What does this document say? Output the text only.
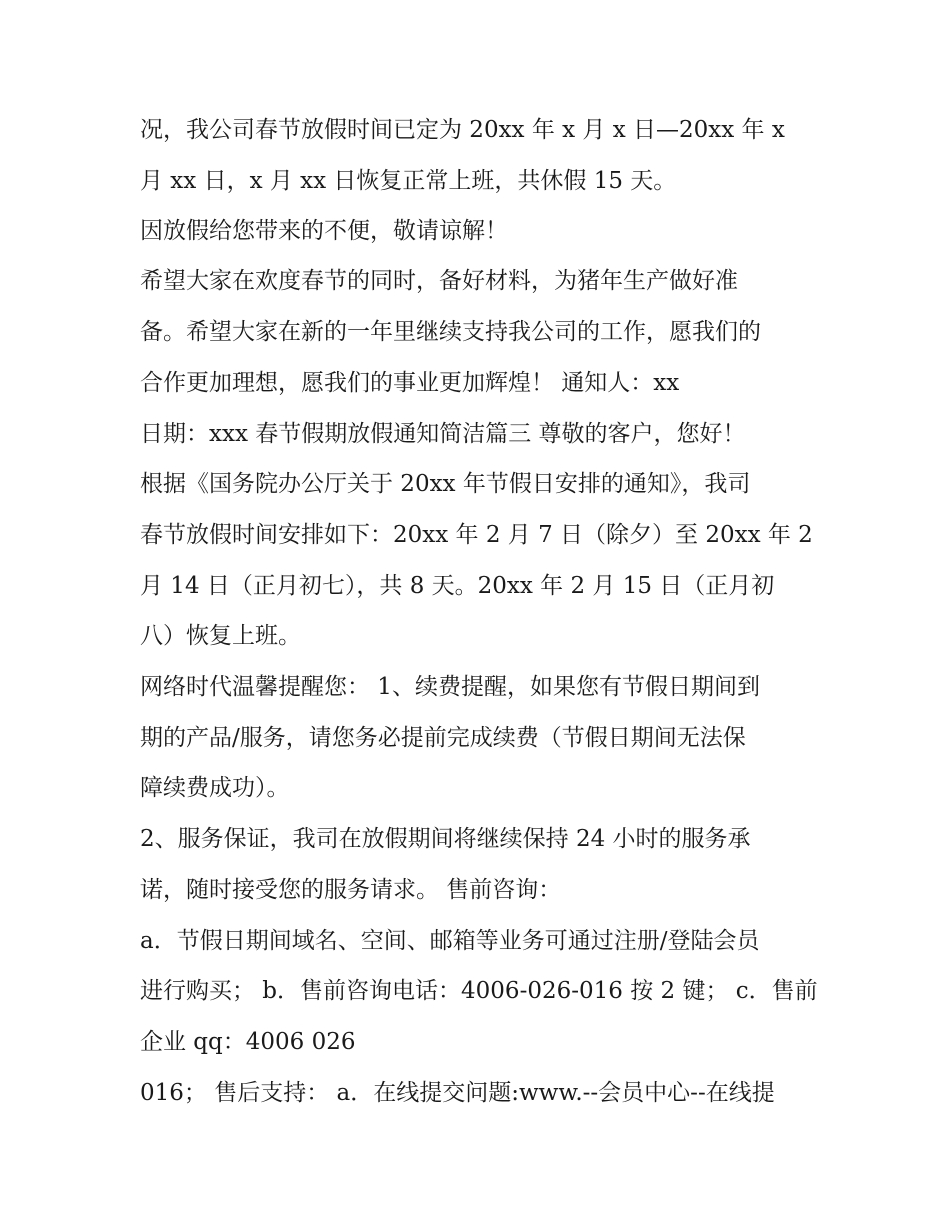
况，我公司春节放假时间已定为 20xx 年 x 月 x 日—20xx 年 x
月 xx 日，x 月 xx 日恢复正常上班，共休假 15 天。
因放假给您带来的不便，敬请谅解！
希望大家在欢度春节的同时，备好材料，为猪年生产做好准
备。希望大家在新的一年里继续支持我公司的工作，愿我们的
合作更加理想，愿我们的事业更加辉煌！ 通知人：xx
日期：xxx 春节假期放假通知简洁篇三 尊敬的客户，您好！
根据《国务院办公厅关于 20xx 年节假日安排的通知》，我司
春节放假时间安排如下：20xx 年 2 月 7 日（除夕）至 20xx 年 2
月 14 日（正月初七），共 8 天。20xx 年 2 月 15 日（正月初
八）恢复上班。
网络时代温馨提醒您： 1、续费提醒，如果您有节假日期间到
期的产品/服务，请您务必提前完成续费（节假日期间无法保
障续费成功）。
2、服务保证，我司在放假期间将继续保持 24 小时的服务承
诺，随时接受您的服务请求。 售前咨询：
a．节假日期间域名、空间、邮箱等业务可通过注册/登陆会员
进行购买； b．售前咨询电话：4006-026-016 按 2 键； c．售前
企业 qq：4006 026
016； 售后支持： a．在线提交问题:www.--会员中心--在线提
